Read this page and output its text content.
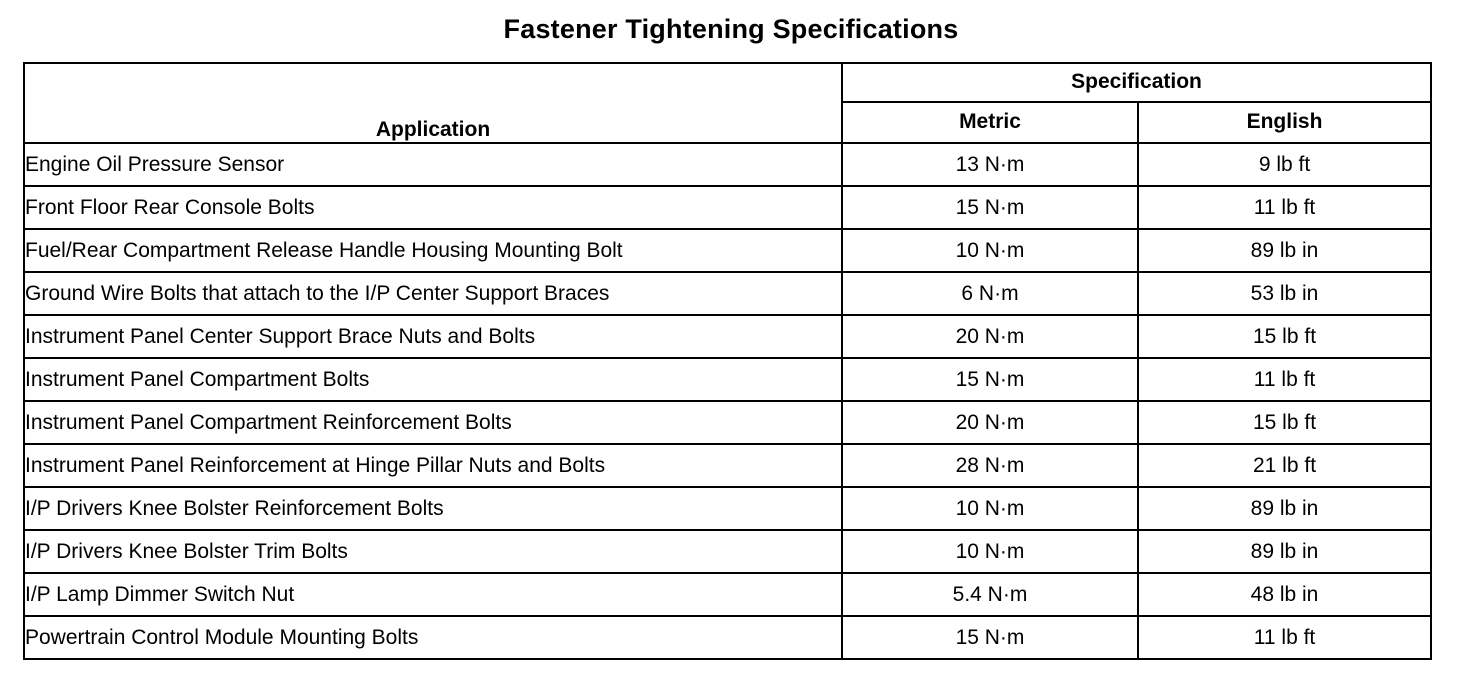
Fastener Tightening Specifications
Application	Specification	
	Metric	English
Engine Oil Pressure Sensor	13 N·m	9 lb ft
Front Floor Rear Console Bolts	15 N·m	11 lb ft
Fuel/Rear Compartment Release Handle Housing Mounting Bolt	10 N·m	89 lb in
Ground Wire Bolts that attach to the I/P Center Support Braces	6 N·m	53 lb in
Instrument Panel Center Support Brace Nuts and Bolts	20 N·m	15 lb ft
Instrument Panel Compartment Bolts	15 N·m	11 lb ft
Instrument Panel Compartment Reinforcement Bolts	20 N·m	15 lb ft
Instrument Panel Reinforcement at Hinge Pillar Nuts and Bolts	28 N·m	21 lb ft
I/P Drivers Knee Bolster Reinforcement Bolts	10 N·m	89 lb in
I/P Drivers Knee Bolster Trim Bolts	10 N·m	89 lb in
I/P Lamp Dimmer Switch Nut	5.4 N·m	48 lb in
Powertrain Control Module Mounting Bolts	15 N·m	11 lb ft
